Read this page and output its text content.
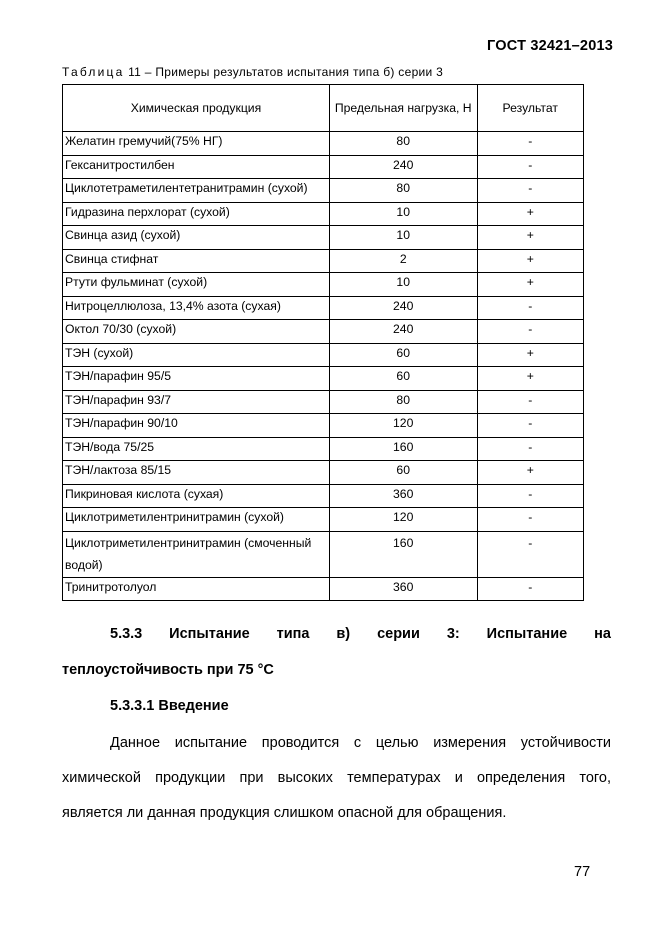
ГОСТ 32421–2013
Таблица 11 – Примеры результатов испытания типа б) серии 3
Химическая продукция	Предельная нагрузка, Н	Результат
Желатин гремучий(75% НГ)	80	-
Гексанитростилбен	240	-
Циклотетраметилентетранитрамин (сухой)	80	-
Гидразина перхлорат (сухой)	10	+
Свинца азид (сухой)	10	+
Свинца стифнат	2	+
Ртути фульминат (сухой)	10	+
Нитроцеллюлоза, 13,4% азота (сухая)	240	-
Октол 70/30 (сухой)	240	-
ТЭН (сухой)	60	+
ТЭН/парафин 95/5	60	+
ТЭН/парафин 93/7	80	-
ТЭН/парафин 90/10	120	-
ТЭН/вода 75/25	160	-
ТЭН/лактоза 85/15	60	+
Пикриновая кислота (сухая)	360	-
Циклотриметилентринитрамин (сухой)	120	-
Циклотриметилентринитрамин (смоченный водой)	160	-
Тринитротолуол	360	-
5.3.3 Испытание типа в) серии 3: Испытание на
теплоустойчивость при 75 °С
5.3.3.1 Введение
Данное испытание проводится с целью измерения устойчивости
химической продукции при высоких температурах и определения того,
является ли данная продукция слишком опасной для обращения.
77
